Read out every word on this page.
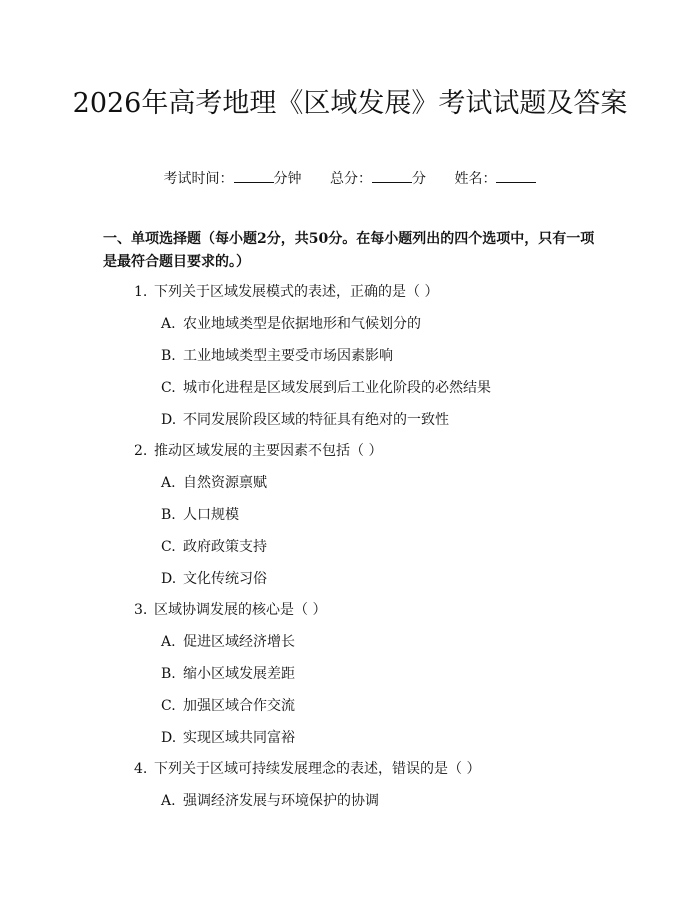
2026年高考地理《区域发展》考试试题及答案
考试时间：	分钟 总分：	分 姓名：

一、单项选择题（每小题2分，共50分。在每小题列出的四个选项中，只有一项是最符合题目要求的。）

1. 下列关于区域发展模式的表述，正确的是（ ）
A. 农业地域类型是依据地形和气候划分的
B. 工业地域类型主要受市场因素影响
C. 城市化进程是区域发展到后工业化阶段的必然结果
D. 不同发展阶段区域的特征具有绝对的一致性
2. 推动区域发展的主要因素不包括（ ）
A. 自然资源禀赋
B. 人口规模
C. 政府政策支持
D. 文化传统习俗
3. 区域协调发展的核心是（ ）
A. 促进区域经济增长
B. 缩小区域发展差距
C. 加强区域合作交流
D. 实现区域共同富裕
4. 下列关于区域可持续发展理念的表述，错误的是（ ）
A. 强调经济发展与环境保护的协调
